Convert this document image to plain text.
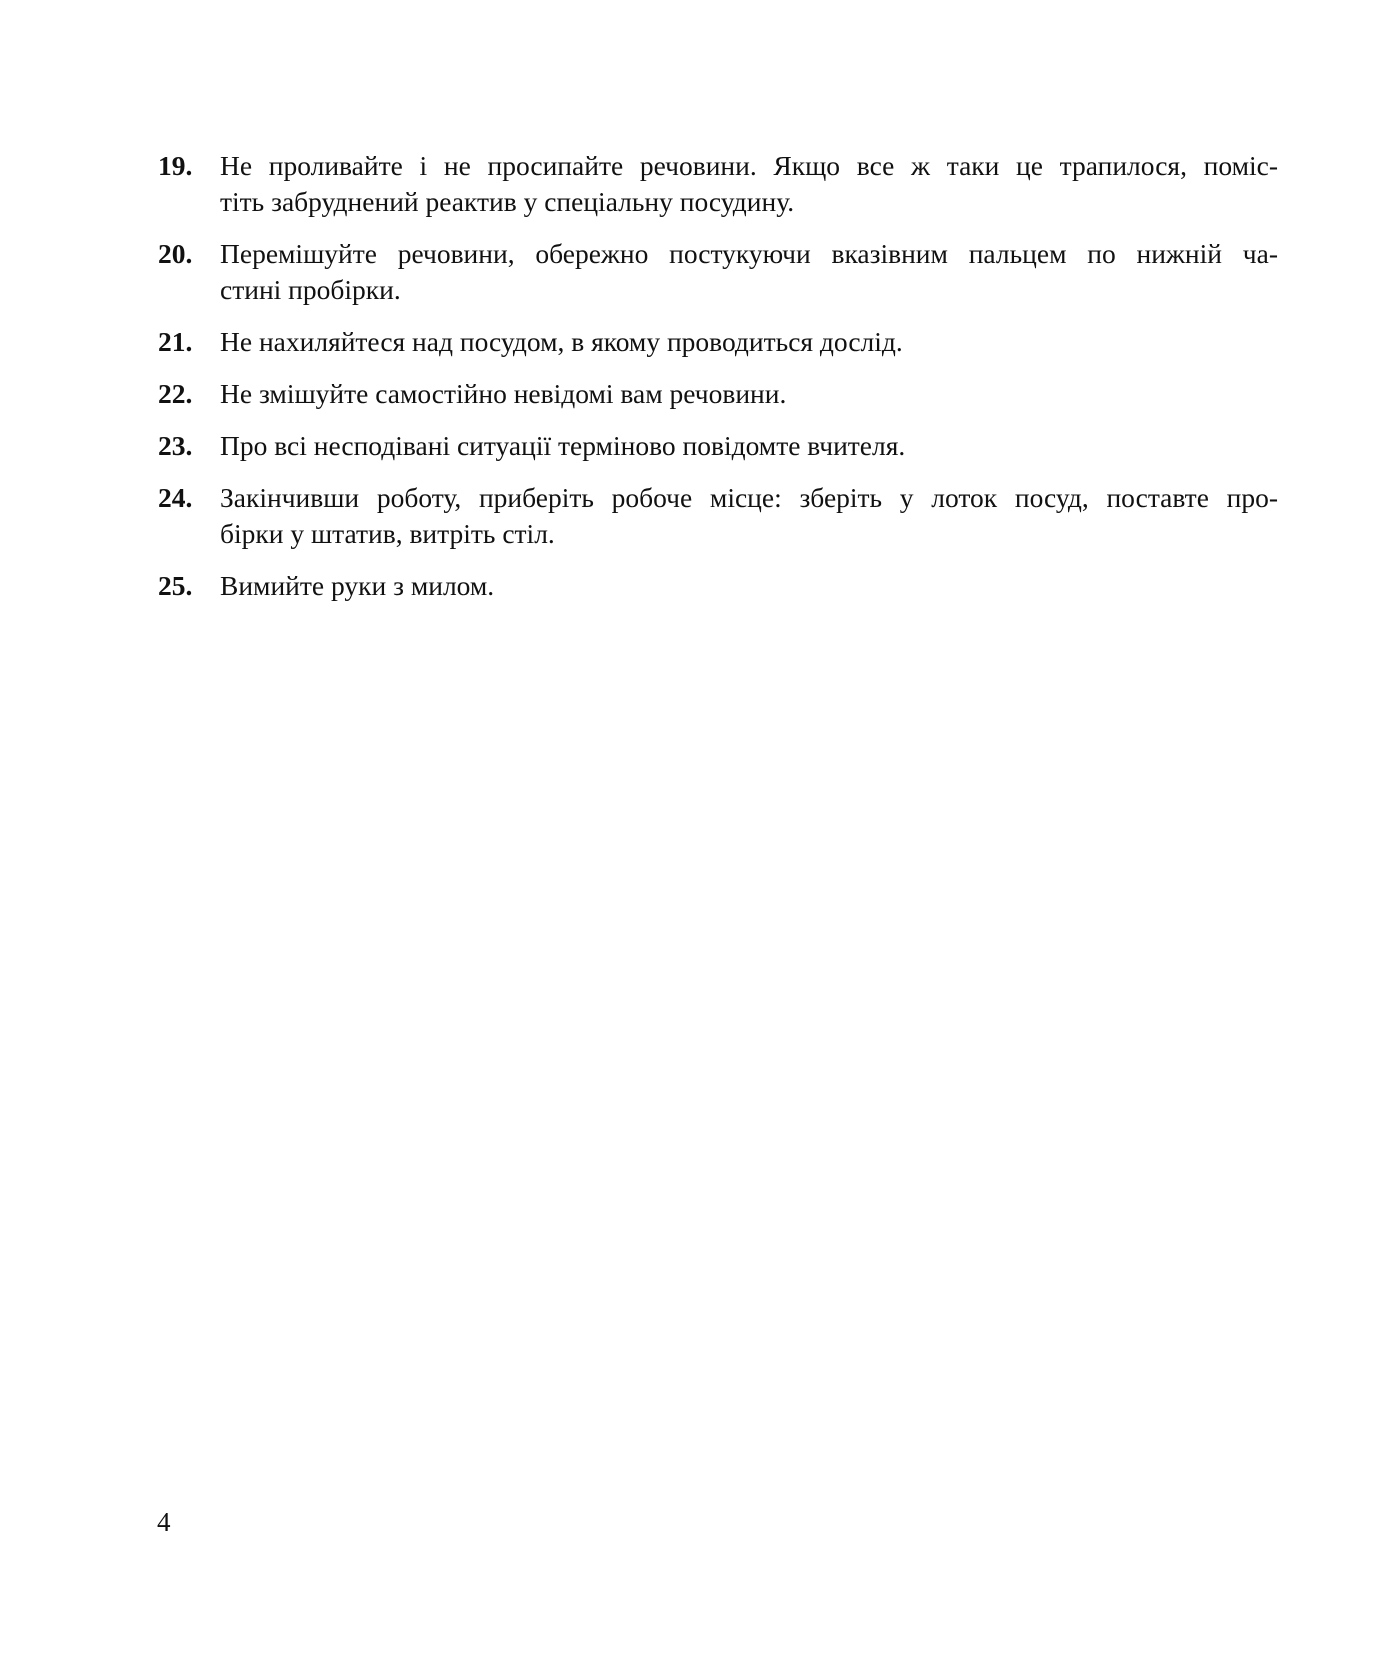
19.	Не проливайте і не просипайте речовини. Якщо все ж таки це трапилося, поміс-
тіть забруднений реактив у спеціальну посудину.
20.	Перемішуйте речовини, обережно постукуючи вказівним пальцем по нижній ча-
стині пробірки.
21.	Не нахиляйтеся над посудом, в якому проводиться дослід.
22.	Не змішуйте самостійно невідомі вам речовини.
23.	Про всі несподівані ситуації терміново повідомте вчителя.
24.	Закінчивши роботу, приберіть робоче місце: зберіть у лоток посуд, поставте про-
бірки у штатив, витріть стіл.
25.	Вимийте руки з милом.
4
